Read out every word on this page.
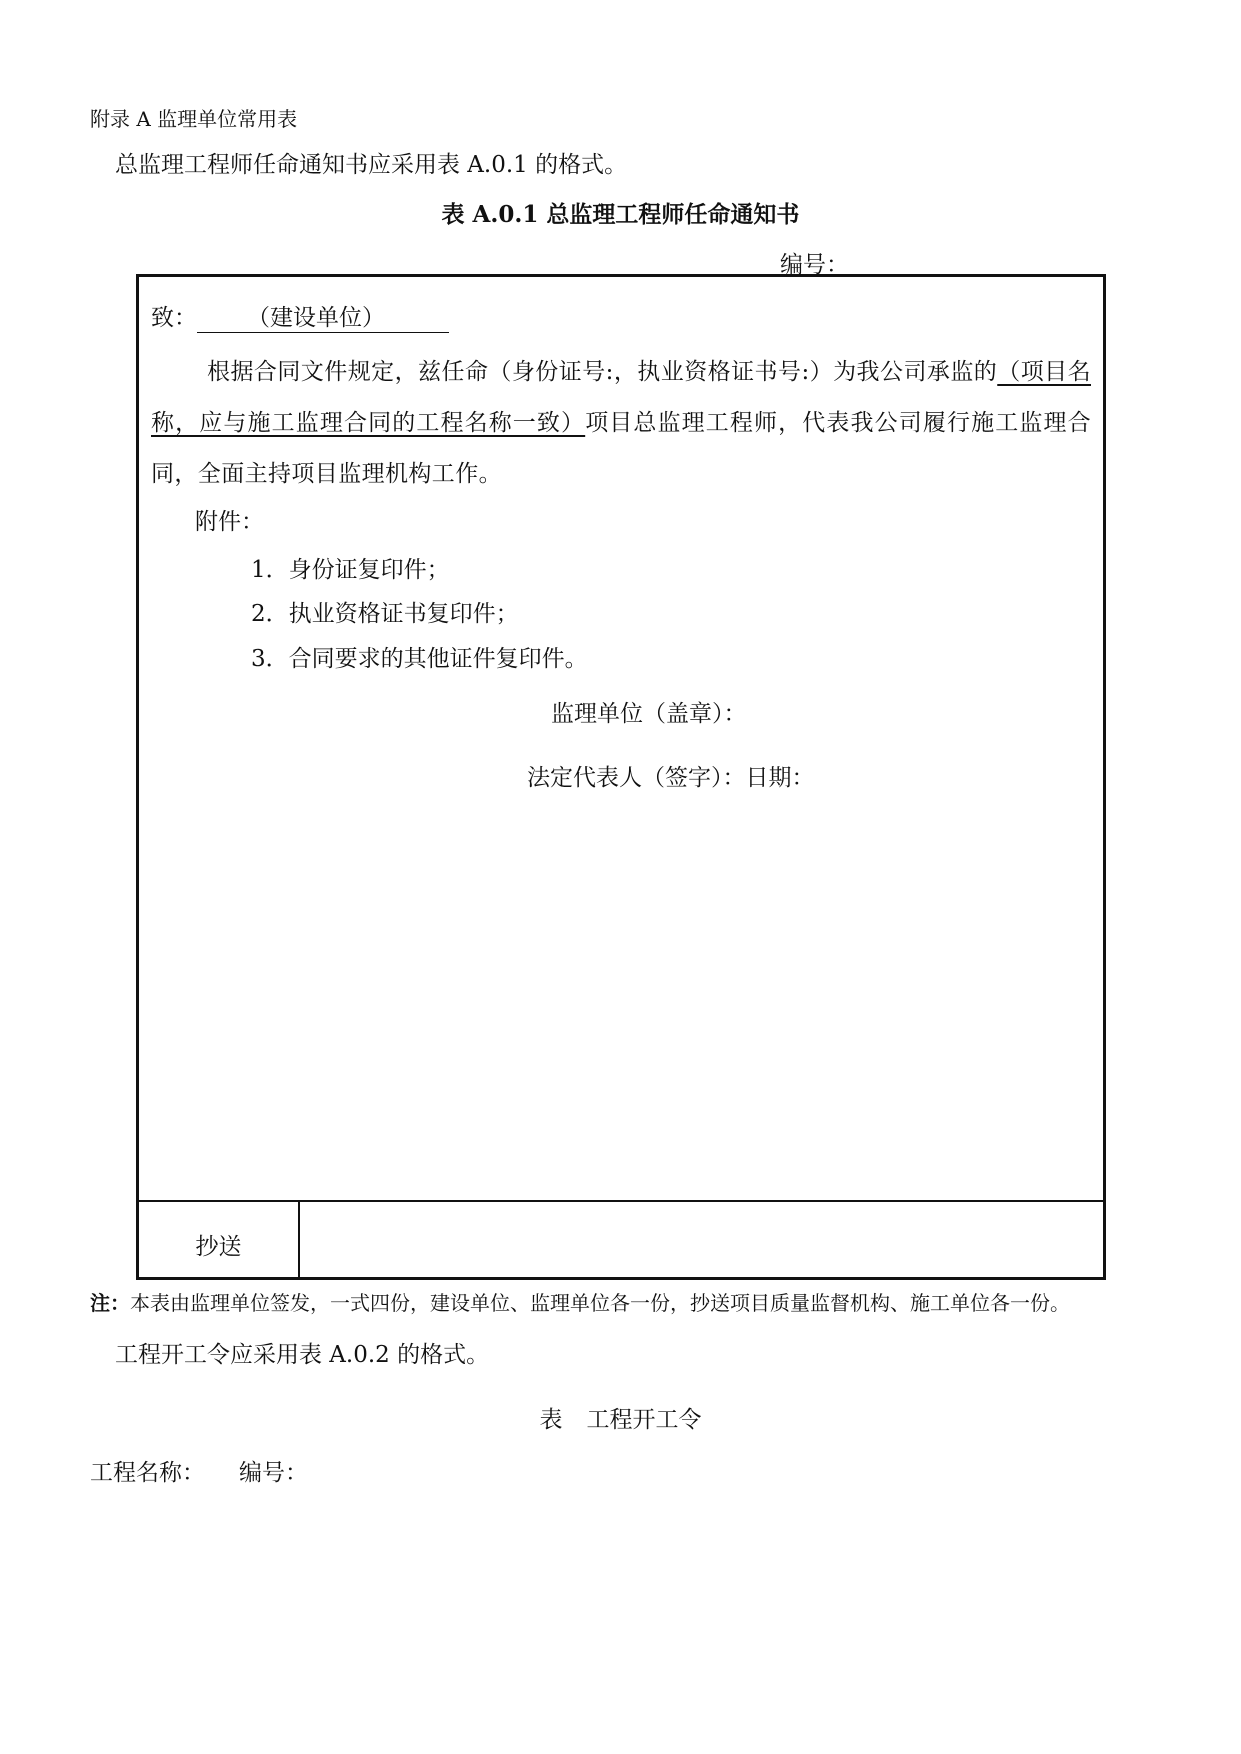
附录 A 监理单位常用表
总监理工程师任命通知书应采用表 A.0.1 的格式。
表 A.0.1 总监理工程师任命通知书
编号：
致： （建设单位）
根据合同文件规定，兹任命（身份证号:，执业资格证书号:）为我公司承监的（项目名称，应与施工监理合同的工程名称一致）项目总监理工程师，代表我公司履行施工监理合同，全面主持项目监理机构工作。
附件：
1．身份证复印件；
2．执业资格证书复印件；
3．合同要求的其他证件复印件。
监理单位（盖章）：
法定代表人（签字）：日期：
抄送
注：本表由监理单位签发，一式四份，建设单位、监理单位各一份，抄送项目质量监督机构、施工单位各一份。
工程开工令应采用表 A.0.2 的格式。
表 工程开工令
工程名称： 编号：
